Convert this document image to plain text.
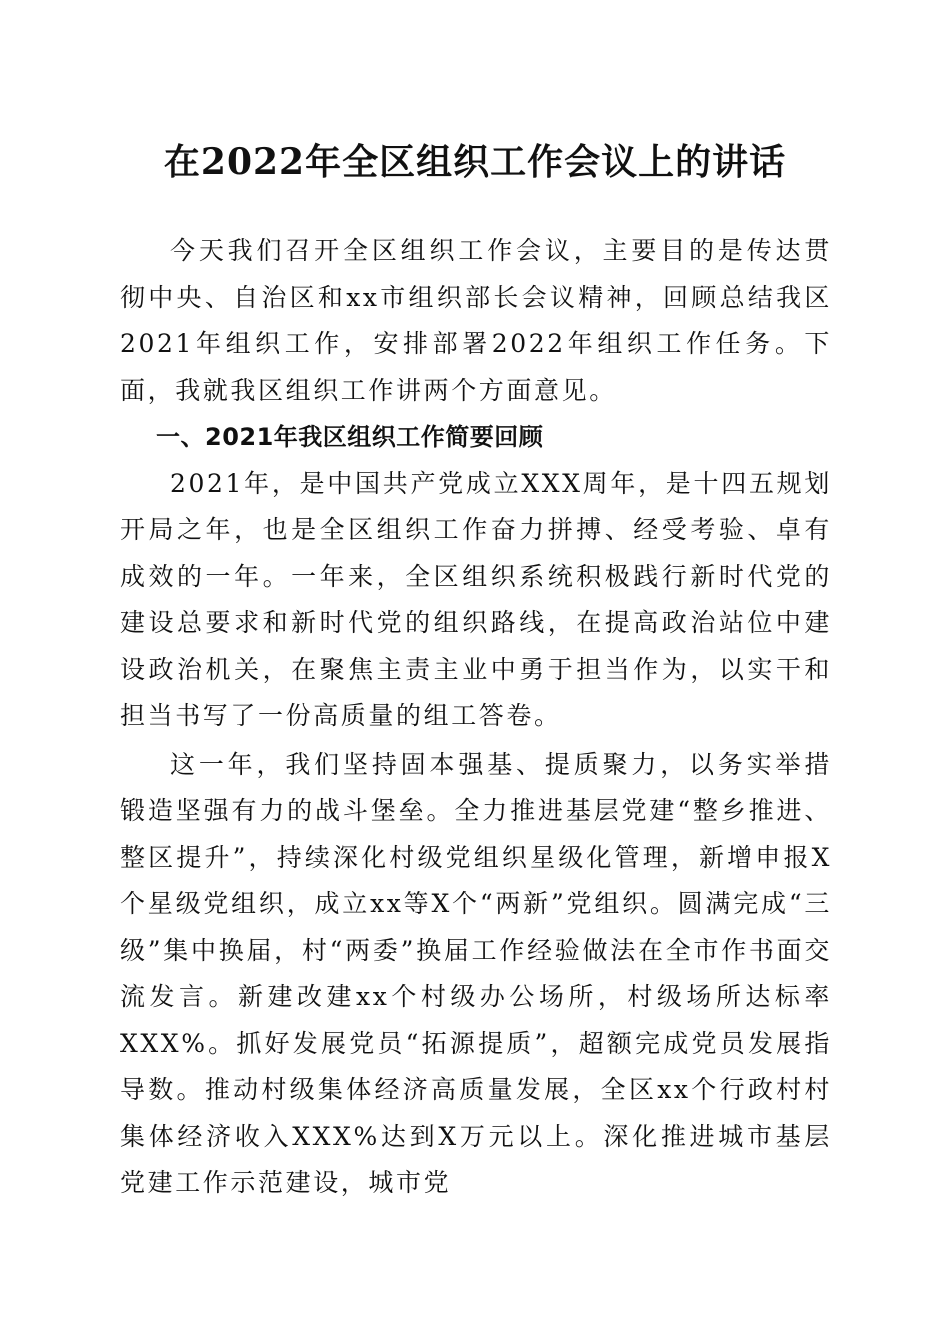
在2022年全区组织工作会议上的讲话

今天我们召开全区组织工作会议，主要目的是传达贯彻中央、自治区和xx市组织部长会议精神，回顾总结我区2021年组织工作，安排部署2022年组织工作任务。下面，我就我区组织工作讲两个方面意见。

一、2021年我区组织工作简要回顾

2021年，是中国共产党成立XXX周年，是十四五规划开局之年，也是全区组织工作奋力拼搏、经受考验、卓有成效的一年。一年来，全区组织系统积极践行新时代党的建设总要求和新时代党的组织路线，在提高政治站位中建设政治机关，在聚焦主责主业中勇于担当作为，以实干和担当书写了一份高质量的组工答卷。

这一年，我们坚持固本强基、提质聚力，以务实举措锻造坚强有力的战斗堡垒。全力推进基层党建“整乡推进、整区提升”，持续深化村级党组织星级化管理，新增申报X个星级党组织，成立xx等X个“两新”党组织。圆满完成“三级”集中换届，村“两委”换届工作经验做法在全市作书面交流发言。新建改建xx个村级办公场所，村级场所达标率XXX%。抓好发展党员“拓源提质”，超额完成党员发展指导数。推动村级集体经济高质量发展，全区xx个行政村村集体经济收入XXX%达到X万元以上。深化推进城市基层党建工作示范建设，城市党
